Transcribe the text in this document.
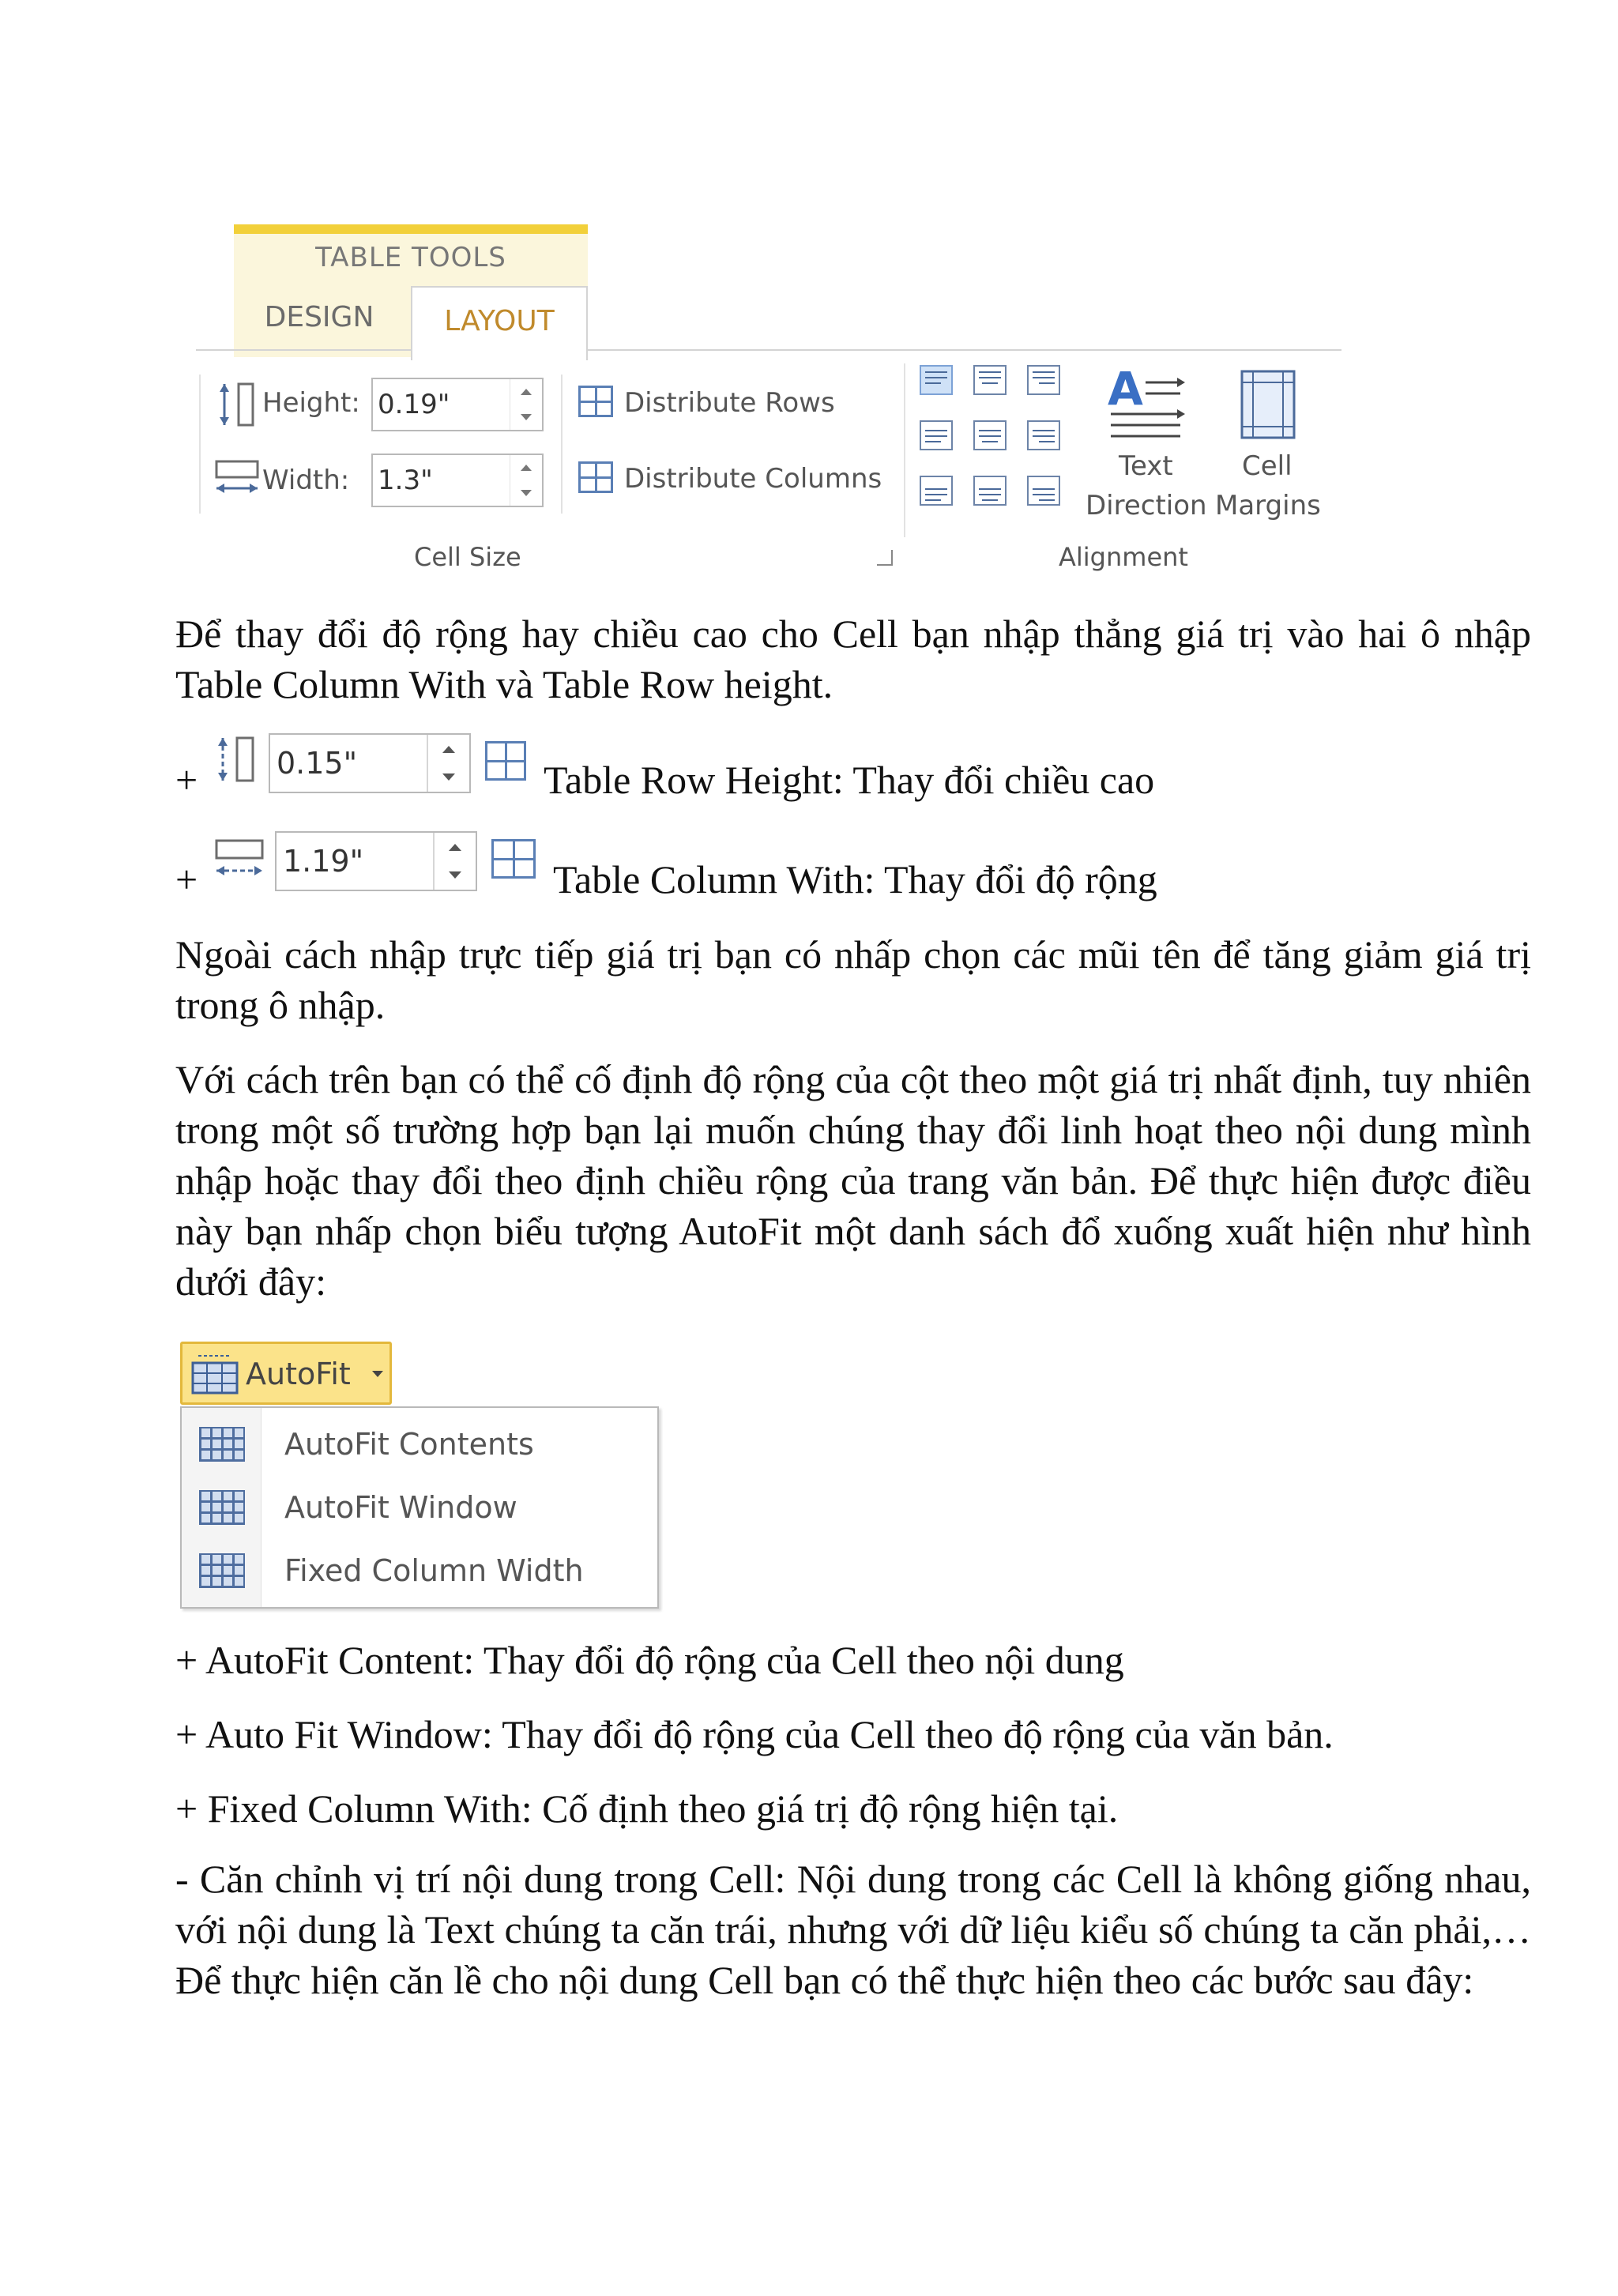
TABLE TOOLS
DESIGN	LAYOUT
Height: 0.19"
Width: 1.3"
Distribute Rows
Distribute Columns
Cell Size
A
Text
Direction
Cell
Margins
Alignment
Để thay đổi độ rộng hay chiều cao cho Cell bạn nhập thẳng giá trị vào hai ô nhập Table Column With và Table Row height.
+	0.15"	Table Row Height: Thay đổi chiều cao
+	1.19"	Table Column With: Thay đổi độ rộng
Ngoài cách nhập trực tiếp giá trị bạn có nhấp chọn các mũi tên để tăng giảm giá trị trong ô nhập.
Với cách trên bạn có thể cố định độ rộng của cột theo một giá trị nhất định, tuy nhiên trong một số trường hợp bạn lại muốn chúng thay đổi linh hoạt theo nội dung mình nhập hoặc thay đổi theo định chiều rộng của trang văn bản. Để thực hiện được điều này bạn nhấp chọn biểu tượng AutoFit một danh sách đổ xuống xuất hiện như hình dưới đây:
AutoFit
AutoFit Contents
AutoFit Window
Fixed Column Width
+ AutoFit Content: Thay đổi độ rộng của Cell theo nội dung
+ Auto Fit Window: Thay đổi độ rộng của Cell theo độ rộng của văn bản.
+ Fixed Column With: Cố định theo giá trị độ rộng hiện tại.
- Căn chỉnh vị trí nội dung trong Cell: Nội dung trong các Cell là không giống nhau, với nội dung là Text chúng ta căn trái, nhưng với dữ liệu kiểu số chúng ta căn phải,… Để thực hiện căn lề cho nội dung Cell bạn có thể thực hiện theo các bước sau đây:
